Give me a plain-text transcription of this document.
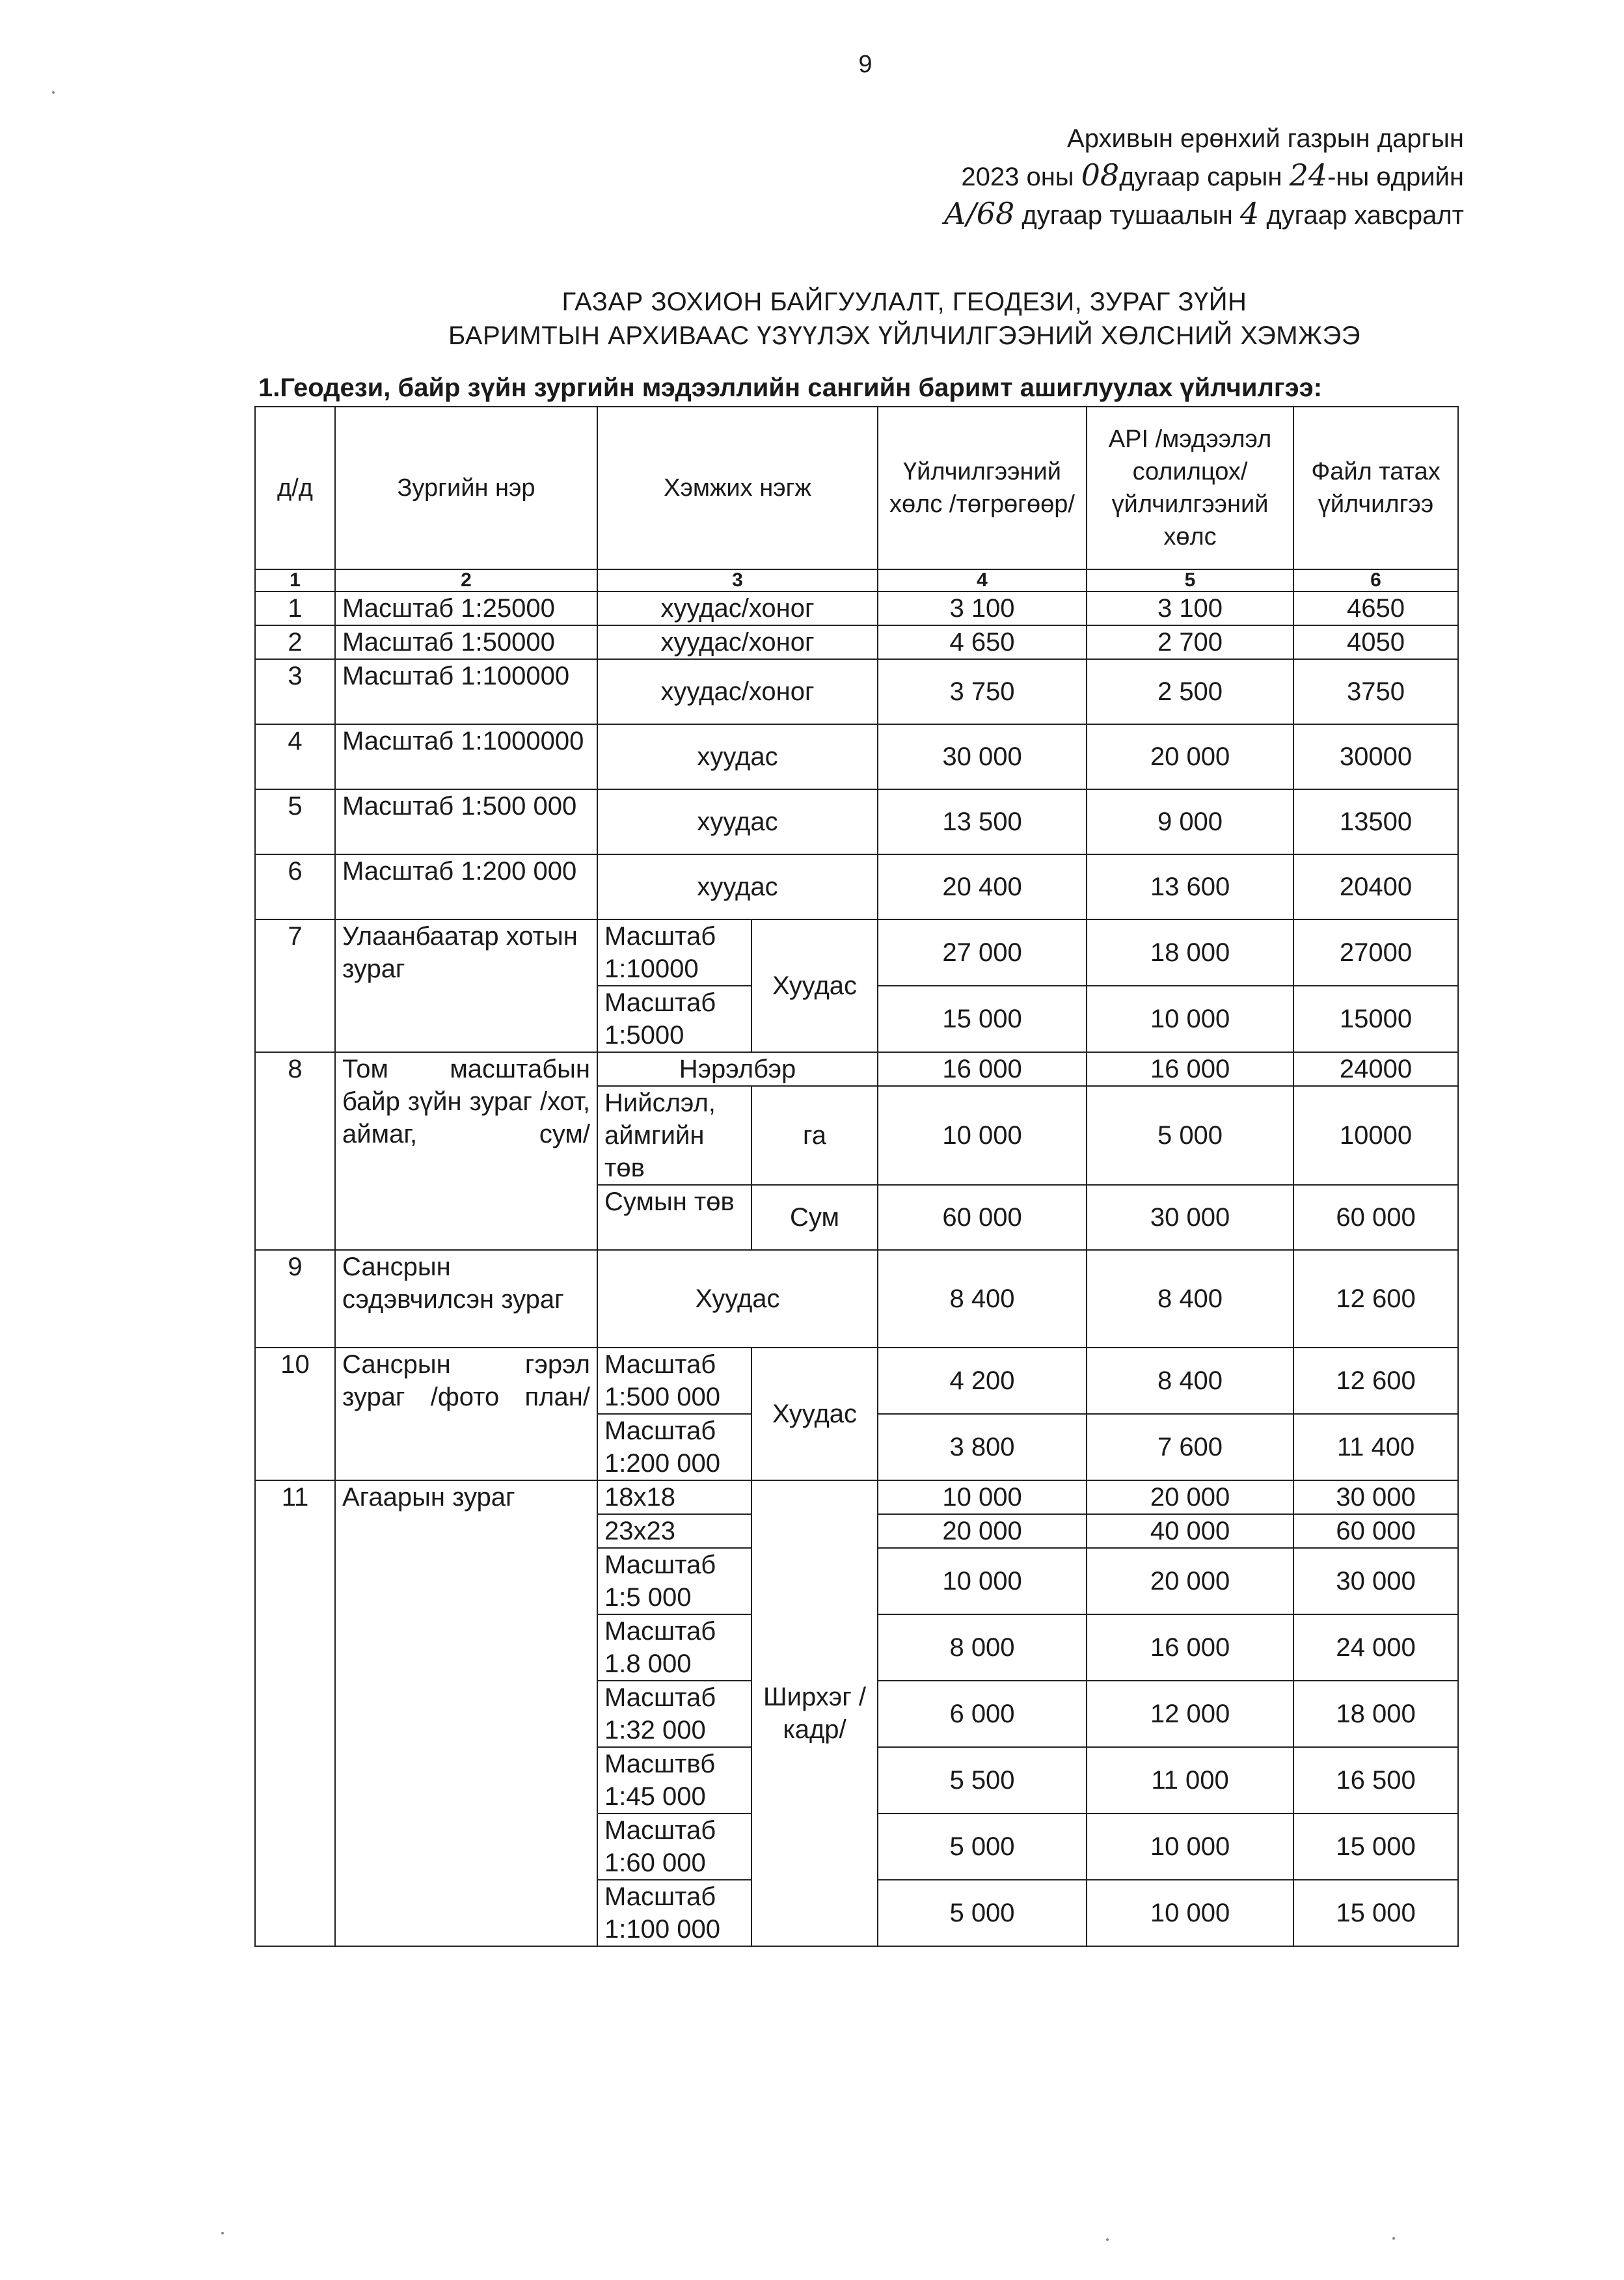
9
Архивын ерөнхий газрын даргын
2023 оны 08дугаар сарын 24-ны өдрийн
А/68 дугаар тушаалын 4 дугаар хавсралт
ГАЗАР ЗОХИОН БАЙГУУЛАЛТ, ГЕОДЕЗИ, ЗУРАГ ЗҮЙН
БАРИМТЫН АРХИВААС ҮЗҮҮЛЭХ ҮЙЛЧИЛГЭЭНИЙ ХӨЛСНИЙ ХЭМЖЭЭ
1.Геодези, байр зүйн зургийн мэдээллийн сангийн баримт ашиглуулах үйлчилгээ:
д/д	Зургийн нэр	Хэмжих нэгж		Үйлчилгээний хөлс /төгрөгөөр/	API /мэдээлэл солилцох/ үйлчилгээний хөлс	Файл татах үйлчилгээ
1	2	3		4	5	6
1	Масштаб 1:25000	хуудас/хоног		3 100	3 100	4650
2	Масштаб 1:50000	хуудас/хоног		4 650	2 700	4050
3	Масштаб 1:100000	хуудас/хоног		3 750	2 500	3750
4	Масштаб 1:1000000	хуудас		30 000	20 000	30000
5	Масштаб 1:500 000	хуудас		13 500	9 000	13500
6	Масштаб 1:200 000	хуудас		20 400	13 600	20400
7	Улаанбаатар хотын зураг	Масштаб 1:10000	Хуудас	27 000	18 000	27000
		Масштаб 1:5000		15 000	10 000	15000
8	Том масштабын байр зүйн зураг /хот, аймаг, сум/	Нэрэлбэр		16 000	16 000	24000
		Нийслэл, аймгийн төв	га	10 000	5 000	10000
		Сумын төв	Сум	60 000	30 000	60 000
9	Сансрын сэдэвчилсэн зураг	Хуудас		8 400	8 400	12 600
10	Сансрын гэрэл зураг /фото план/	Масштаб 1:500 000	Хуудас	4 200	8 400	12 600
		Масштаб 1:200 000		3 800	7 600	11 400
11	Агаарын зураг	18х18	Ширхэг /кадр/	10 000	20 000	30 000
		23х23		20 000	40 000	60 000
		Масштаб 1:5 000		10 000	20 000	30 000
		Масштаб 1.8 000		8 000	16 000	24 000
		Масштаб 1:32 000		6 000	12 000	18 000
		Масштвб 1:45 000		5 500	11 000	16 500
		Масштаб 1:60 000		5 000	10 000	15 000
		Масштаб 1:100 000		5 000	10 000	15 000
